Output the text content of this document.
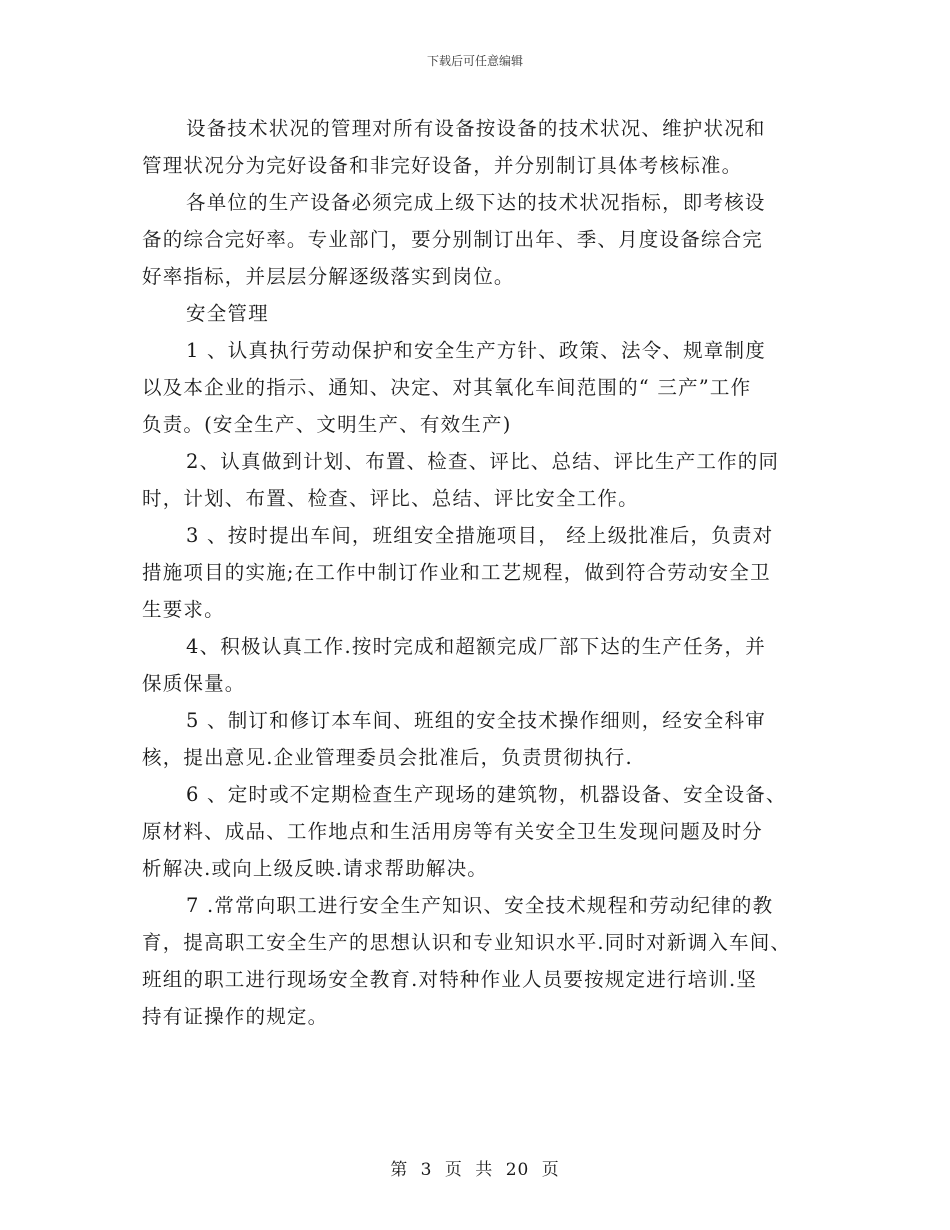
下载后可任意编辑
设备技术状况的管理对所有设备按设备的技术状况、维护状况和
管理状况分为完好设备和非完好设备，并分别制订具体考核标准。
各单位的生产设备必须完成上级下达的技术状况指标，即考核设
备的综合完好率。专业部门，要分别制订出年、季、月度设备综合完
好率指标，并层层分解逐级落实到岗位。
安全管理
1 、认真执行劳动保护和安全生产方针、政策、法令、规章制度
以及本企业的指示、通知、决定、对其氧化车间范围的“ 三产”工作
负责。(安全生产、文明生产、有效生产)
2、认真做到计划、布置、检查、评比、总结、评比生产工作的同
时，计划、布置、检查、评比、总结、评比安全工作。
3 、按时提出车间，班组安全措施项目， 经上级批准后，负责对
措施项目的实施;在工作中制订作业和工艺规程，做到符合劳动安全卫
生要求。
4、积极认真工作.按时完成和超额完成厂部下达的生产任务，并
保质保量。
5 、制订和修订本车间、班组的安全技术操作细则，经安全科审
核，提出意见.企业管理委员会批准后，负责贯彻执行.
6 、定时或不定期检查生产现场的建筑物，机器设备、安全设备、
原材料、成品、工作地点和生活用房等有关安全卫生发现问题及时分
析解决.或向上级反映.请求帮助解决。
7 .常常向职工进行安全生产知识、安全技术规程和劳动纪律的教
育，提高职工安全生产的思想认识和专业知识水平.同时对新调入车间、
班组的职工进行现场安全教育.对特种作业人员要按规定进行培训.坚
持有证操作的规定。
第 3 页 共 20 页
